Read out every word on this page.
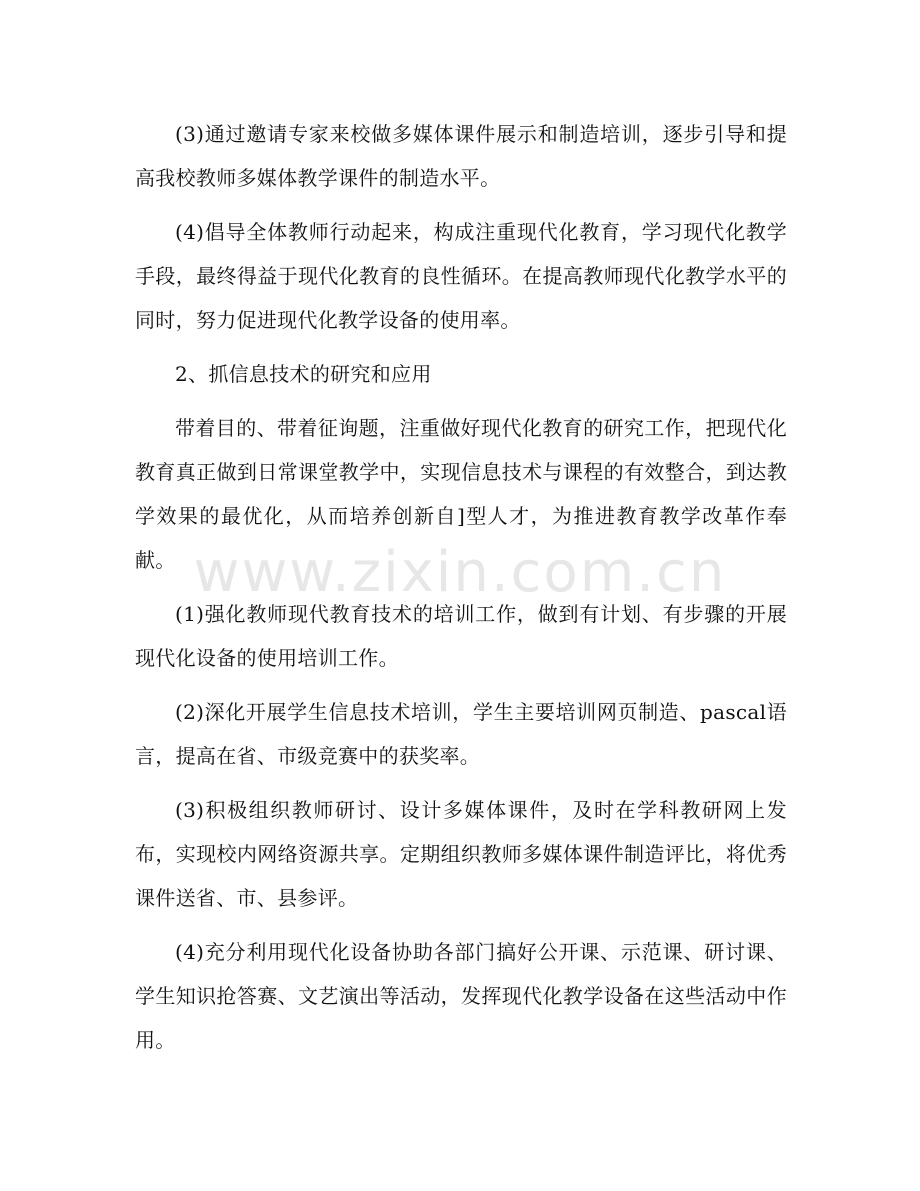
(3)通过邀请专家来校做多媒体课件展示和制造培训，逐步引导和提高我校教师多媒体教学课件的制造水平。

(4)倡导全体教师行动起来，构成注重现代化教育，学习现代化教学手段，最终得益于现代化教育的良性循环。在提高教师现代化教学水平的同时，努力促进现代化教学设备的使用率。

2、抓信息技术的研究和应用

带着目的、带着征询题，注重做好现代化教育的研究工作，把现代化教育真正做到日常课堂教学中，实现信息技术与课程的有效整合，到达教学效果的最优化，从而培养创新自]型人才，为推进教育教学改革作奉献。

(1)强化教师现代教育技术的培训工作，做到有计划、有步骤的开展现代化设备的使用培训工作。

(2)深化开展学生信息技术培训，学生主要培训网页制造、pascal语言，提高在省、市级竞赛中的获奖率。

(3)积极组织教师研讨、设计多媒体课件，及时在学科教研网上发布，实现校内网络资源共享。定期组织教师多媒体课件制造评比，将优秀课件送省、市、县参评。

(4)充分利用现代化设备协助各部门搞好公开课、示范课、研讨课、学生知识抢答赛、文艺演出等活动，发挥现代化教学设备在这些活动中作用。

www.zixin.com.cn
